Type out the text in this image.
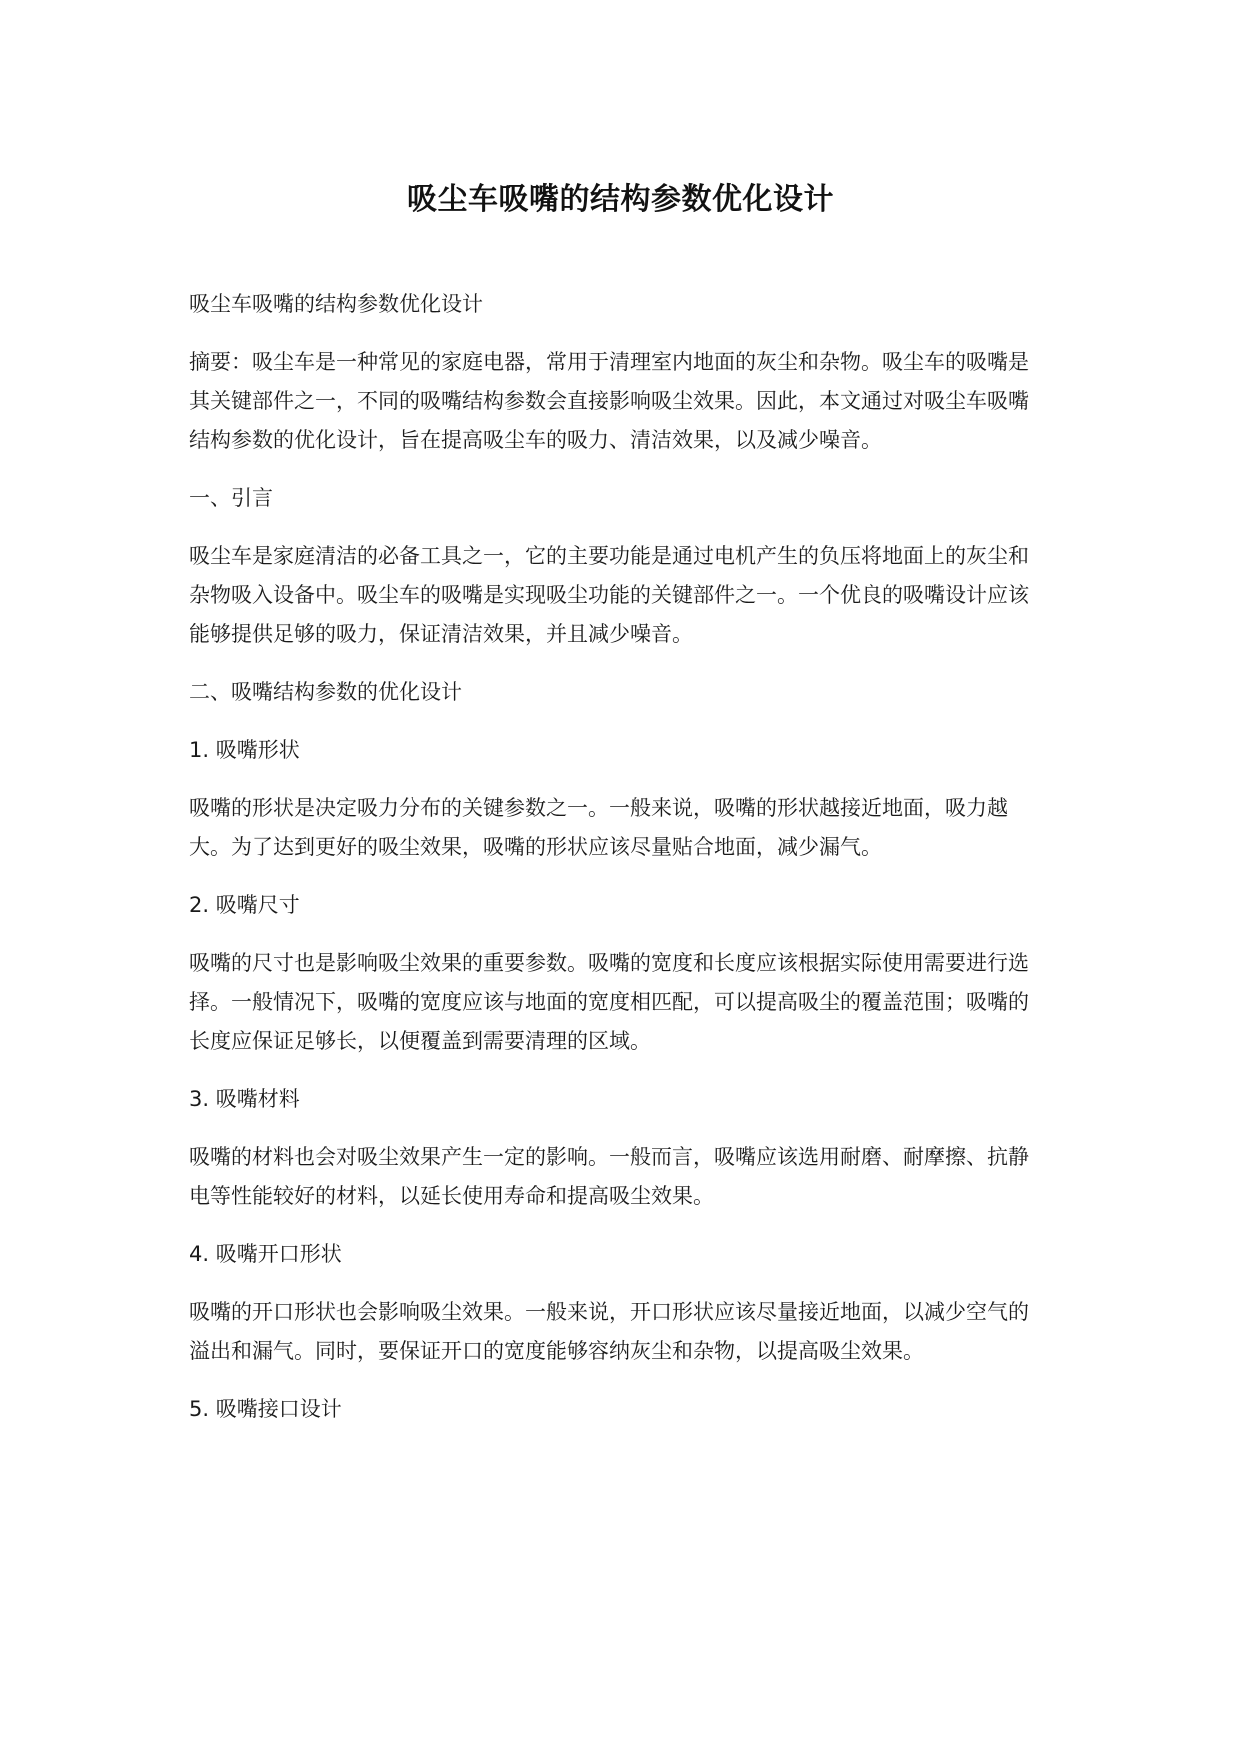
吸尘车吸嘴的结构参数优化设计
吸尘车吸嘴的结构参数优化设计
摘要：吸尘车是一种常见的家庭电器，常用于清理室内地面的灰尘和杂物。吸尘车的吸嘴是其关键部件之一，不同的吸嘴结构参数会直接影响吸尘效果。因此，本文通过对吸尘车吸嘴结构参数的优化设计，旨在提高吸尘车的吸力、清洁效果，以及减少噪音。
一、引言
吸尘车是家庭清洁的必备工具之一，它的主要功能是通过电机产生的负压将地面上的灰尘和杂物吸入设备中。吸尘车的吸嘴是实现吸尘功能的关键部件之一。一个优良的吸嘴设计应该能够提供足够的吸力，保证清洁效果，并且减少噪音。
二、吸嘴结构参数的优化设计
1. 吸嘴形状
吸嘴的形状是决定吸力分布的关键参数之一。一般来说，吸嘴的形状越接近地面，吸力越大。为了达到更好的吸尘效果，吸嘴的形状应该尽量贴合地面，减少漏气。
2. 吸嘴尺寸
吸嘴的尺寸也是影响吸尘效果的重要参数。吸嘴的宽度和长度应该根据实际使用需要进行选择。一般情况下，吸嘴的宽度应该与地面的宽度相匹配，可以提高吸尘的覆盖范围；吸嘴的长度应保证足够长，以便覆盖到需要清理的区域。
3. 吸嘴材料
吸嘴的材料也会对吸尘效果产生一定的影响。一般而言，吸嘴应该选用耐磨、耐摩擦、抗静电等性能较好的材料，以延长使用寿命和提高吸尘效果。
4. 吸嘴开口形状
吸嘴的开口形状也会影响吸尘效果。一般来说，开口形状应该尽量接近地面，以减少空气的溢出和漏气。同时，要保证开口的宽度能够容纳灰尘和杂物，以提高吸尘效果。
5. 吸嘴接口设计
